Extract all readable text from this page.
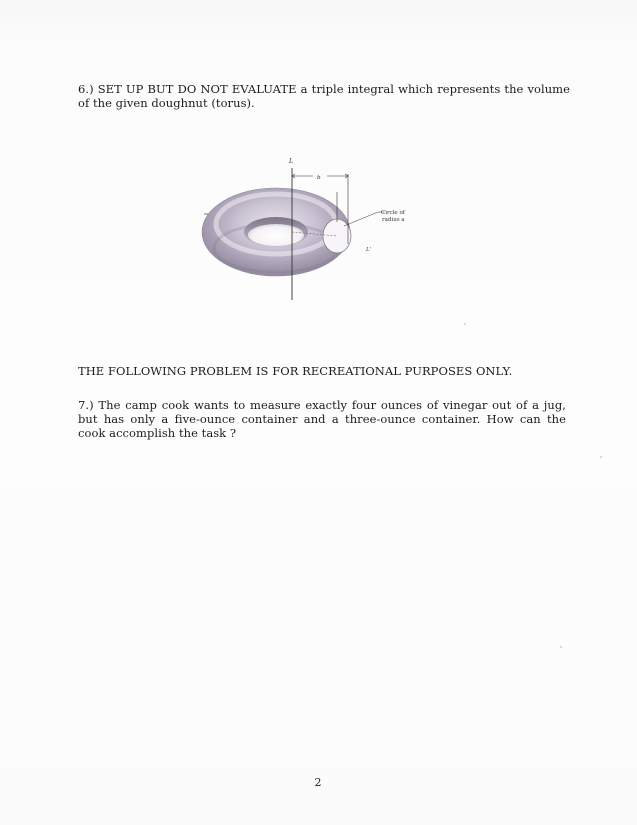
6.) SET UP BUT DO NOT EVALUATE a triple integral which represents the volume of the given doughnut (torus).
L
b
L'
Circle of
radius a
THE FOLLOWING PROBLEM IS FOR RECREATIONAL PURPOSES ONLY.
7.) The camp cook wants to measure exactly four ounces of vinegar out of a jug, but has only a five-ounce container and a three-ounce container. How can the cook accomplish the task ?
2
